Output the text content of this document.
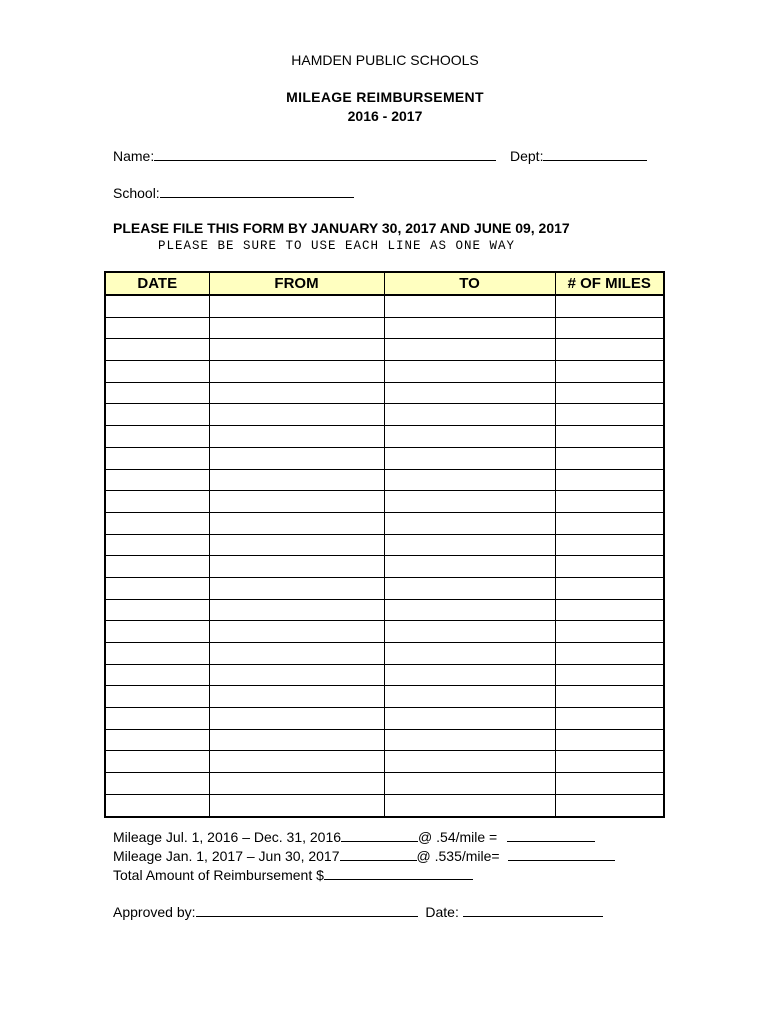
HAMDEN PUBLIC SCHOOLS
MILEAGE REIMBURSEMENT
2016 - 2017
Name:	Dept:
School:
PLEASE FILE THIS FORM BY JANUARY 30, 2017 AND JUNE 09, 2017
PLEASE BE SURE TO USE EACH LINE AS ONE WAY
DATE	FROM	TO	# OF MILES

Mileage Jul. 1, 2016 – Dec. 31, 2016	@ .54/mile =
Mileage Jan. 1, 2017 – Jun 30, 2017	@ .535/mile=
Total Amount of Reimbursement $
Approved by:	Date:
